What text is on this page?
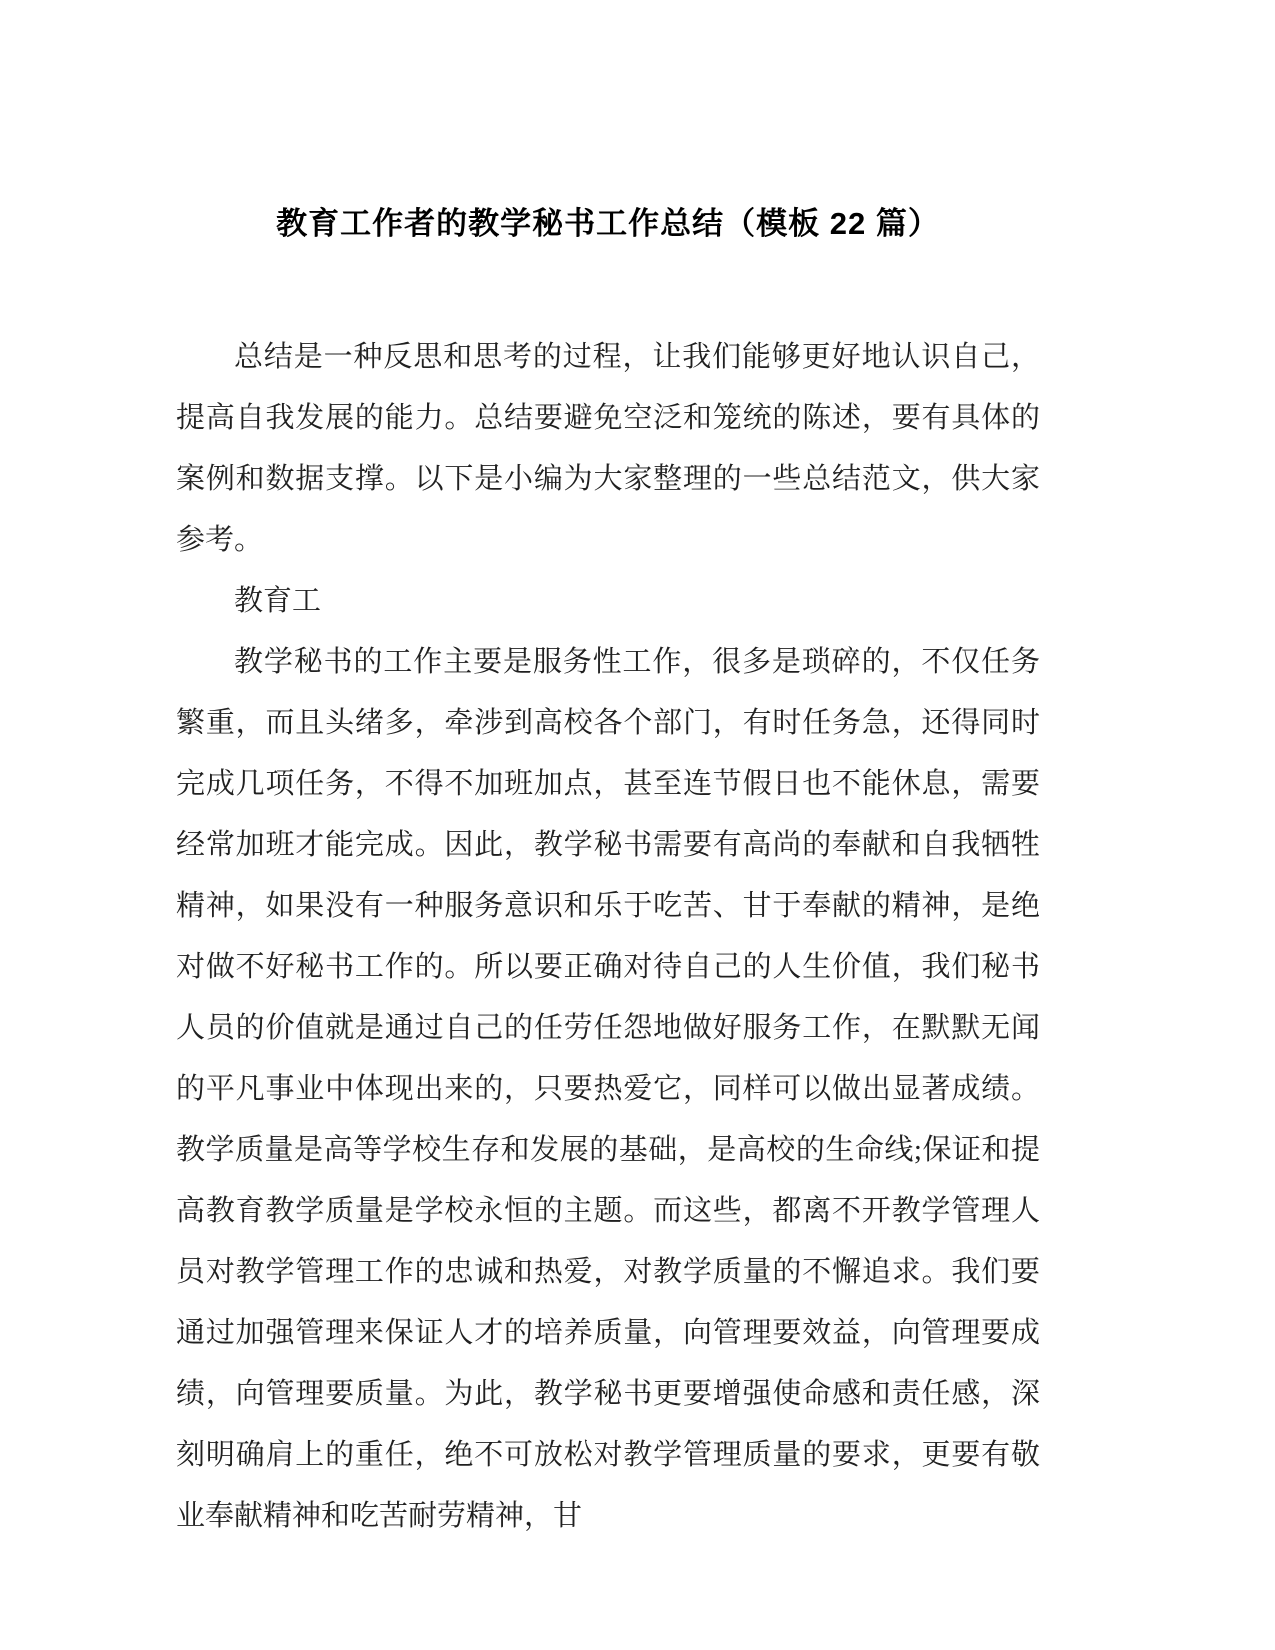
教育工作者的教学秘书工作总结（模板 22 篇）

总结是一种反思和思考的过程，让我们能够更好地认识自己，提高自我发展的能力。总结要避免空泛和笼统的陈述，要有具体的案例和数据支撑。以下是小编为大家整理的一些总结范文，供大家参考。

教育工

教学秘书的工作主要是服务性工作，很多是琐碎的，不仅任务繁重，而且头绪多，牵涉到高校各个部门，有时任务急，还得同时完成几项任务，不得不加班加点，甚至连节假日也不能休息，需要经常加班才能完成。因此，教学秘书需要有高尚的奉献和自我牺牲精神，如果没有一种服务意识和乐于吃苦、甘于奉献的精神，是绝对做不好秘书工作的。所以要正确对待自己的人生价值，我们秘书人员的价值就是通过自己的任劳任怨地做好服务工作，在默默无闻的平凡事业中体现出来的，只要热爱它，同样可以做出显著成绩。教学质量是高等学校生存和发展的基础，是高校的生命线;保证和提高教育教学质量是学校永恒的主题。而这些，都离不开教学管理人员对教学管理工作的忠诚和热爱，对教学质量的不懈追求。我们要通过加强管理来保证人才的培养质量，向管理要效益，向管理要成绩，向管理要质量。为此，教学秘书更要增强使命感和责任感，深刻明确肩上的重任，绝不可放松对教学管理质量的要求，更要有敬业奉献精神和吃苦耐劳精神，甘
